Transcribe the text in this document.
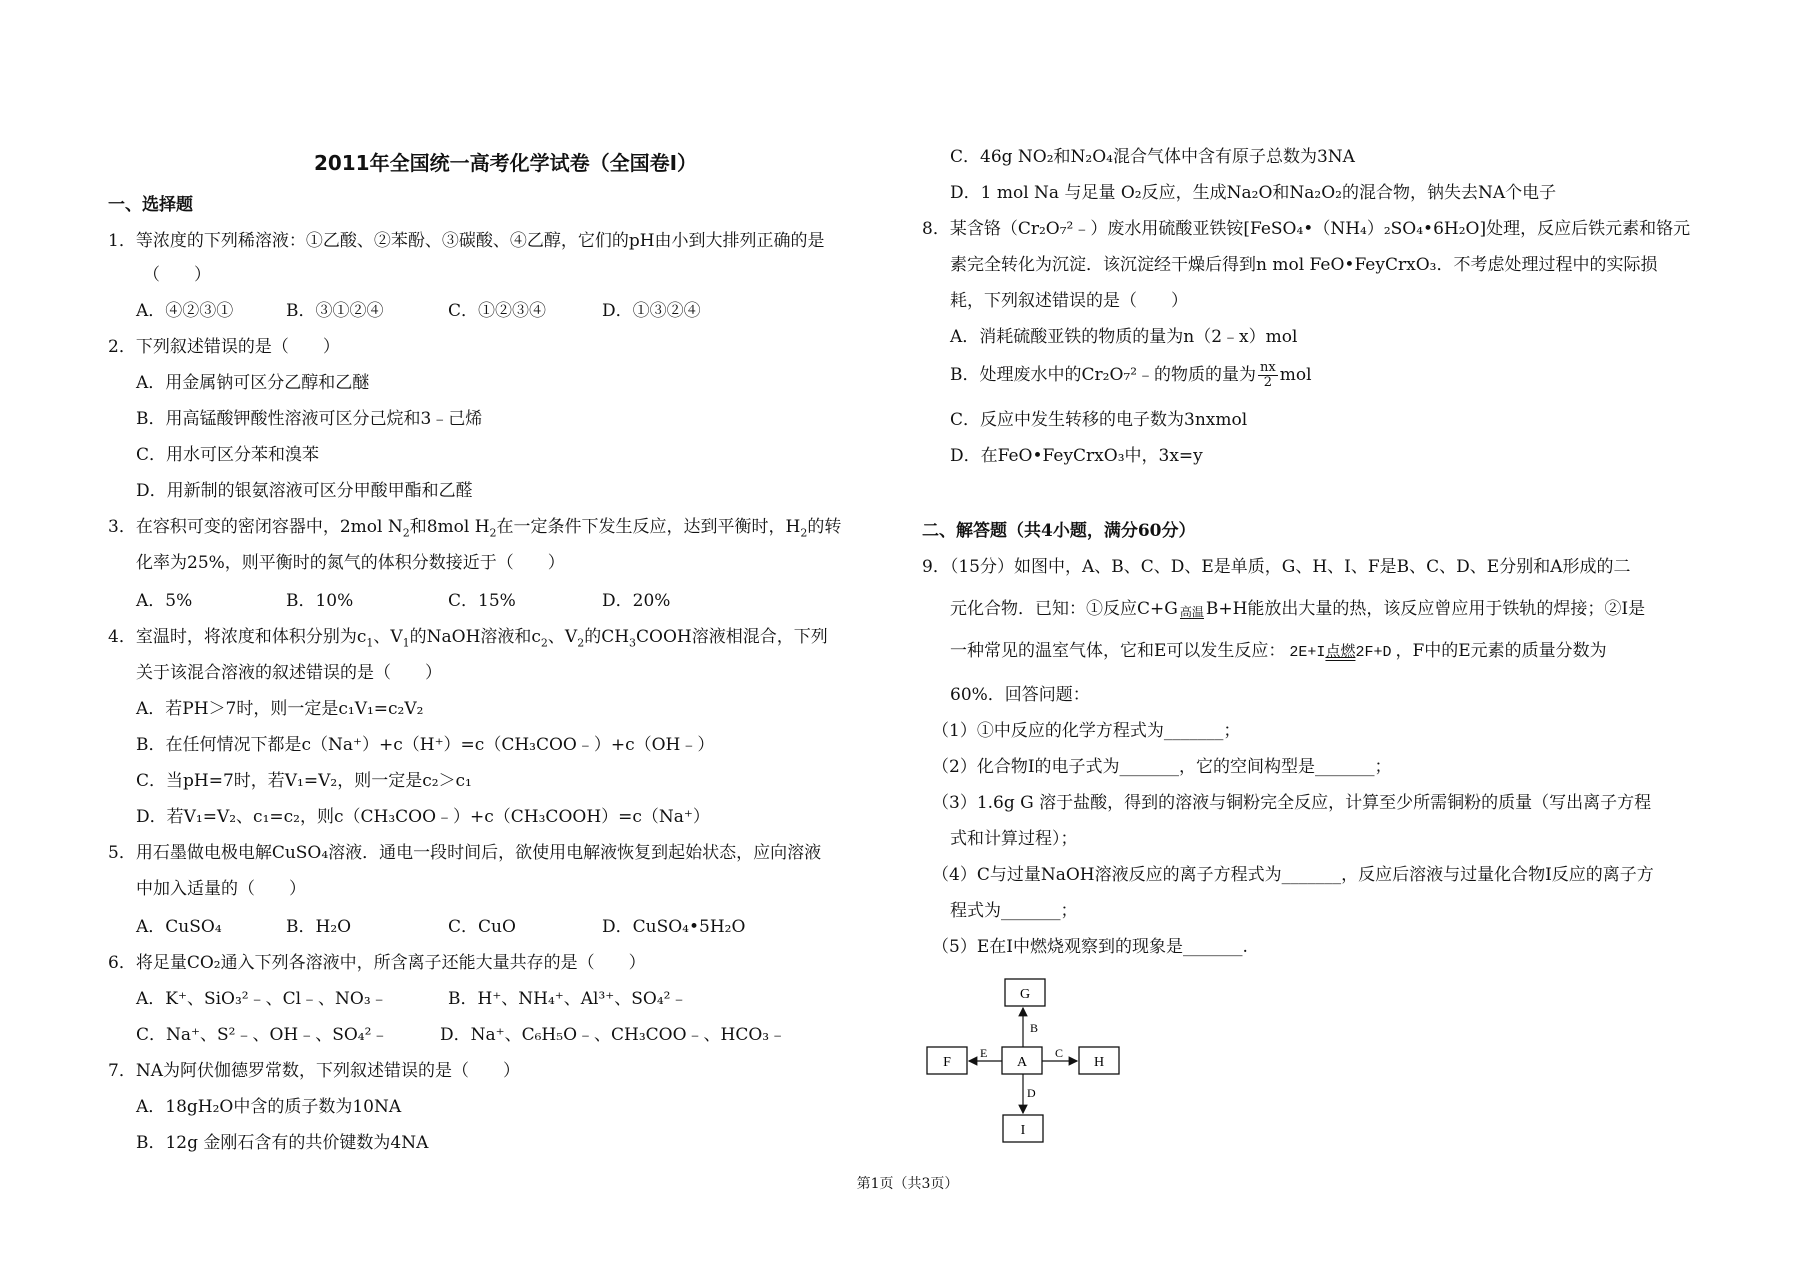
2011年全国统一高考化学试卷（全国卷I）
一、选择题
1．等浓度的下列稀溶液：①乙酸、②苯酚、③碳酸、④乙醇，它们的pH由小到大排列正确的是
（　　）
A．④②③①	B．③①②④	C．①②③④	D．①③②④
2．下列叙述错误的是（　　）
A．用金属钠可区分乙醇和乙醚
B．用高锰酸钾酸性溶液可区分己烷和3﹣己烯
C．用水可区分苯和溴苯
D．用新制的银氨溶液可区分甲酸甲酯和乙醛
3．在容积可变的密闭容器中，2mol $N_2$和8mol $H_2$在一定条件下发生反应，达到平衡时，$H_2$的转
化率为25%，则平衡时的氮气的体积分数接近于（　　）
A．5%	B．10%	C．15%	D．20%
4．室温时，将浓度和体积分别为$c_1$、$V_1$的NaOH溶液和$c_2$、$V_2$的$CH_3COOH$溶液相混合，下列
关于该混合溶液的叙述错误的是（　　）
A．若PH＞7时，则一定是c₁V₁=c₂V₂
B．在任何情况下都是c（Na⁺）+c（H⁺）=c（CH₃COO﹣）+c（OH﹣）
C．当pH=7时，若V₁=V₂，则一定是c₂＞c₁
D．若V₁=V₂、c₁=c₂，则c（CH₃COO﹣）+c（CH₃COOH）=c（Na⁺）
5．用石墨做电极电解CuSO₄溶液．通电一段时间后，欲使用电解液恢复到起始状态，应向溶液
中加入适量的（　　）
A．CuSO₄	B．H₂O	C．CuO	D．CuSO₄•5H₂O
6．将足量CO₂通入下列各溶液中，所含离子还能大量共存的是（　　）
A．K⁺、SiO₃²﹣、Cl﹣、NO₃﹣	B．H⁺、NH₄⁺、Al³⁺、SO₄²﹣
C．Na⁺、S²﹣、OH﹣、SO₄²﹣	D．Na⁺、C₆H₅O﹣、CH₃COO﹣、HCO₃﹣
7．NA为阿伏伽德罗常数，下列叙述错误的是（　　）
A．18gH₂O中含的质子数为10NA
B．12g 金刚石含有的共价键数为4NA
C．46g NO₂和N₂O₄混合气体中含有原子总数为3NA
D．1 mol Na 与足量 O₂反应，生成Na₂O和Na₂O₂的混合物，钠失去NA个电子
8．某含铬（Cr₂O₇²﹣）废水用硫酸亚铁铵[FeSO₄•（NH₄）₂SO₄•6H₂O]处理，反应后铁元素和铬元
素完全转化为沉淀．该沉淀经干燥后得到n mol FeO•FeyCrxO₃．不考虑处理过程中的实际损
耗，下列叙述错误的是（　　）
A．消耗硫酸亚铁的物质的量为n（2﹣x）mol
B．处理废水中的Cr₂O₇²﹣的物质的量为 $\frac{nx}{2}$ mol
C．反应中发生转移的电子数为3nxmol
D．在FeO•FeyCrxO₃中，3x=y
二、解答题（共4小题，满分60分）
9．（15分）如图中，A、B、C、D、E是单质，G、H、I、F是B、C、D、E分别和A形成的二
元化合物．已知：①反应C+G 高温 B+H能放出大量的热，该反应曾应用于铁轨的焊接；②I是
一种常见的温室气体，它和E可以发生反应： 2E+I点燃2F+D ，F中的E元素的质量分数为
60%．回答问题：
（1）①中反应的化学方程式为_______；
（2）化合物I的电子式为_______，它的空间构型是_______；
（3）1.6g G 溶于盐酸，得到的溶液与铜粉完全反应，计算至少所需铜粉的质量（写出离子方程
式和计算过程）；
（4）C与过量NaOH溶液反应的离子方程式为_______，反应后溶液与过量化合物I反应的离子方
程式为_______；
（5）E在I中燃烧观察到的现象是_______.
G
F	A	H
I
B
E	C
D
第1页（共3页）
